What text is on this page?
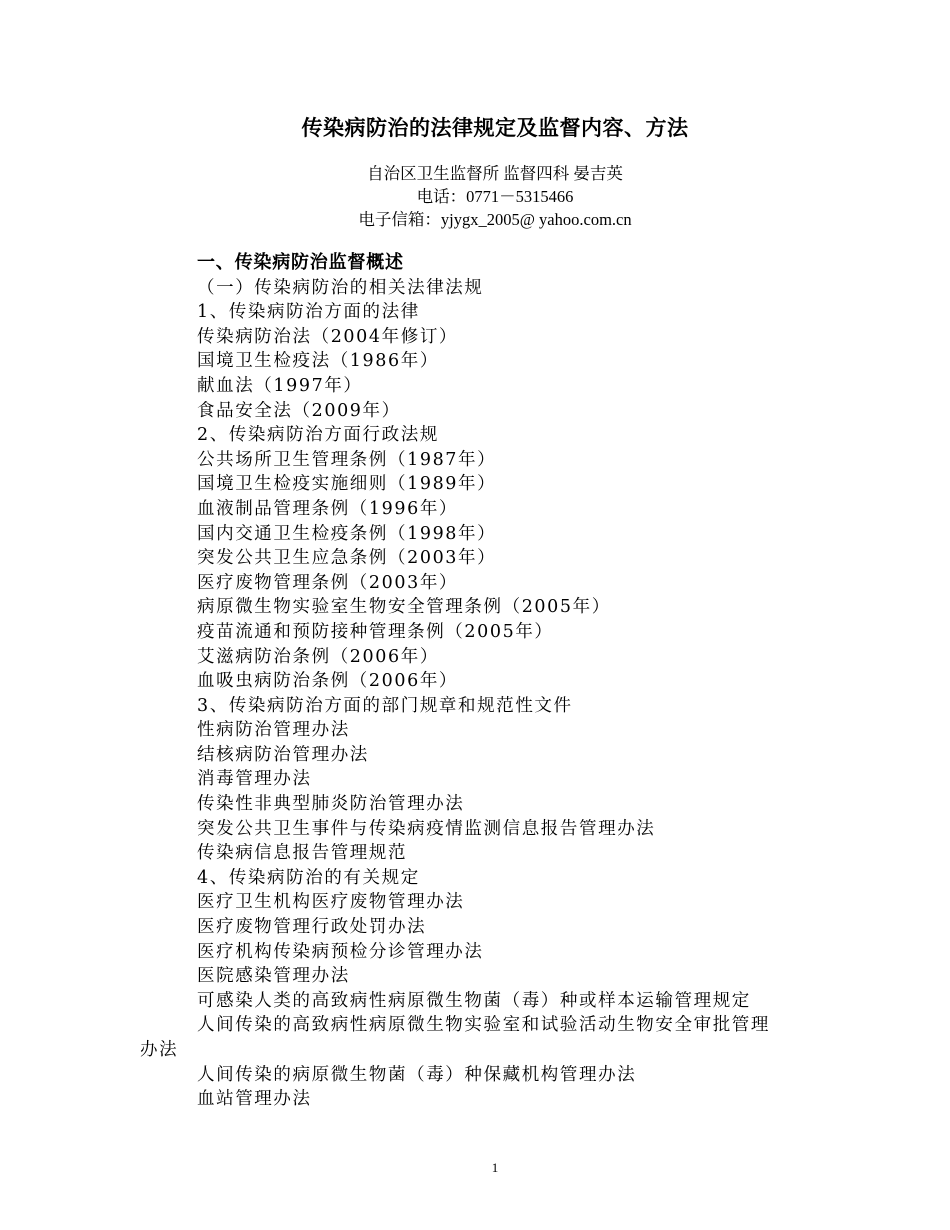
传染病防治的法律规定及监督内容、方法
自治区卫生监督所 监督四科 晏吉英
电话：0771－5315466
电子信箱：yjygx_2005@ yahoo.com.cn
一、传染病防治监督概述
（一）传染病防治的相关法律法规
1、传染病防治方面的法律
传染病防治法（2004年修订）
国境卫生检疫法（1986年）
献血法（1997年）
食品安全法（2009年）
2、传染病防治方面行政法规
公共场所卫生管理条例（1987年）
国境卫生检疫实施细则（1989年）
血液制品管理条例（1996年）
国内交通卫生检疫条例（1998年）
突发公共卫生应急条例（2003年）
医疗废物管理条例（2003年）
病原微生物实验室生物安全管理条例（2005年）
疫苗流通和预防接种管理条例（2005年）
艾滋病防治条例（2006年）
血吸虫病防治条例（2006年）
3、传染病防治方面的部门规章和规范性文件
性病防治管理办法
结核病防治管理办法
消毒管理办法
传染性非典型肺炎防治管理办法
突发公共卫生事件与传染病疫情监测信息报告管理办法
传染病信息报告管理规范
4、传染病防治的有关规定
医疗卫生机构医疗废物管理办法
医疗废物管理行政处罚办法
医疗机构传染病预检分诊管理办法
医院感染管理办法
可感染人类的高致病性病原微生物菌（毒）种或样本运输管理规定
人间传染的高致病性病原微生物实验室和试验活动生物安全审批管理
办法
人间传染的病原微生物菌（毒）种保藏机构管理办法
血站管理办法
1
